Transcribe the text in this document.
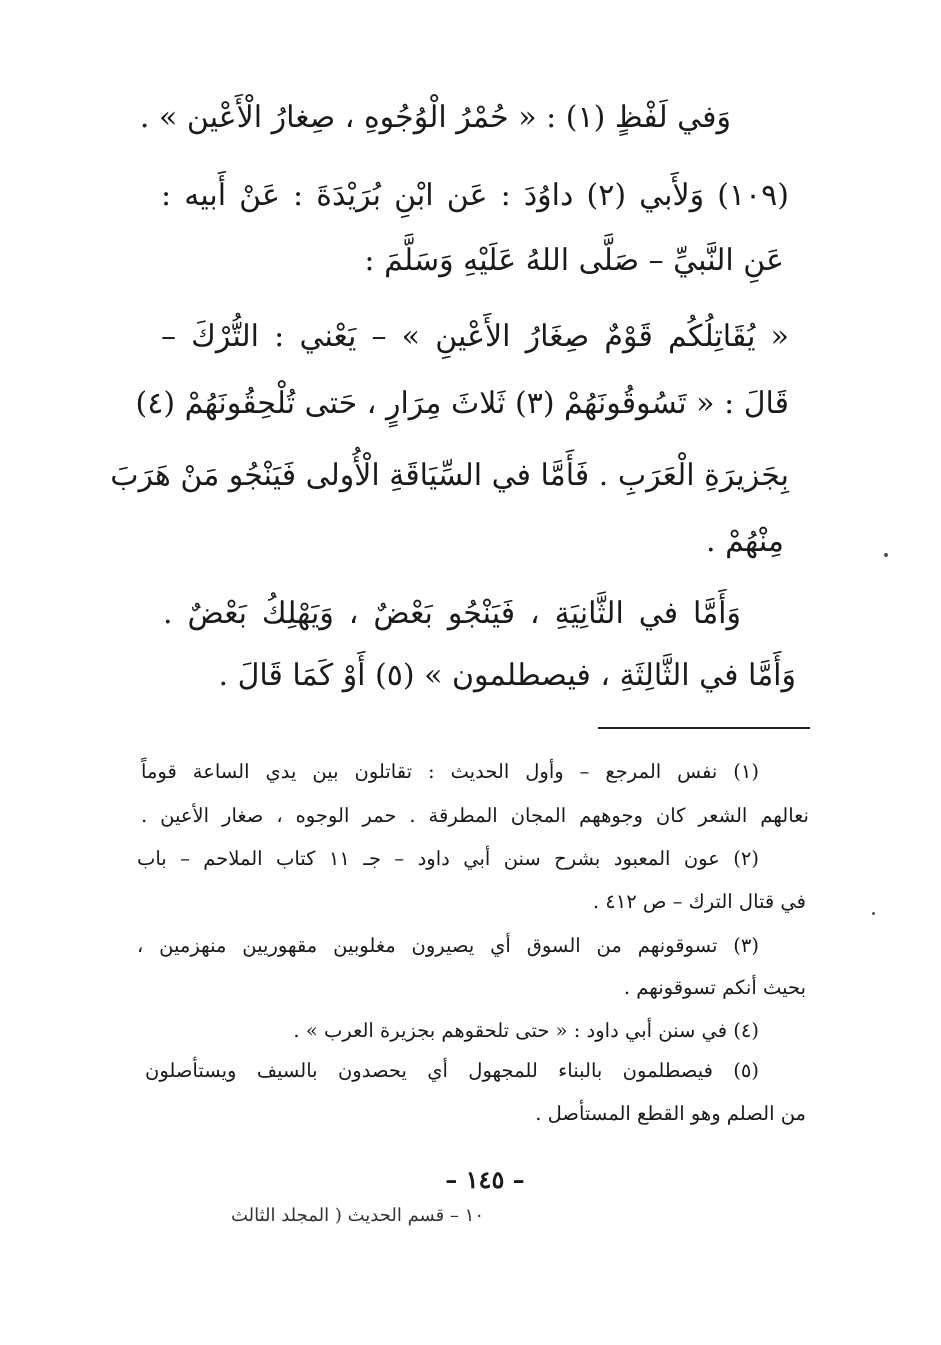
وَفي لَفْظٍ (١) : « حُمْرُ الْوُجُوهِ ، صِغارُ الْأَعْين » .
(١٠٩) وَلأَبي (٢) داوُدَ : عَن ابْنِ بُرَيْدَةَ : عَنْ أَبيه :
عَنِ النَّبيِّ – صَلَّى اللهُ عَلَيْهِ وَسَلَّمَ :
« يُقَاتِلُكُم قَوْمٌ صِغَارُ الأَعْينِ » – يَعْني : التُّرْكَ –
قَالَ : « تَسُوقُونَهُمْ (٣) ثَلاثَ مِرَارٍ ، حَتى تُلْحِقُونَهُمْ (٤)
بِجَزيرَةِ الْعَرَبِ . فَأَمَّا في السِّيَاقَةِ الْأُولى فَيَنْجُو مَنْ هَرَبَ
مِنْهُمْ .
وَأَمَّا في الثَّانِيَةِ ، فَيَنْجُو بَعْضٌ ، وَيَهْلِكُ بَعْضٌ .
وَأَمَّا في الثَّالِثَةِ ، فيصطلمون » (٥) أَوْ كَمَا قَالَ .
(١) نفس المرجع – وأول الحديث : تقاتلون بين يدي الساعة قوماً
نعالهم الشعر كان وجوههم المجان المطرقة . حمر الوجوه ، صغار الأعين .
(٢) عون المعبود بشرح سنن أبي داود – جـ ١١ كتاب الملاحم – باب
في قتال الترك – ص ٤١٢ .
(٣) تسوقونهم من السوق أي يصيرون مغلوبين مقهوريين منهزمين ،
بحيث أنكم تسوقونهم .
(٤) في سنن أبي داود : « حتى تلحقوهم بجزيرة العرب » .
(٥) فيصطلمون بالبناء للمجهول أي يحصدون بالسيف ويستأصلون
من الصلم وهو القطع المستأصل .
– ١٤٥ –
١٠ – قسم الحديث ( المجلد الثالث
